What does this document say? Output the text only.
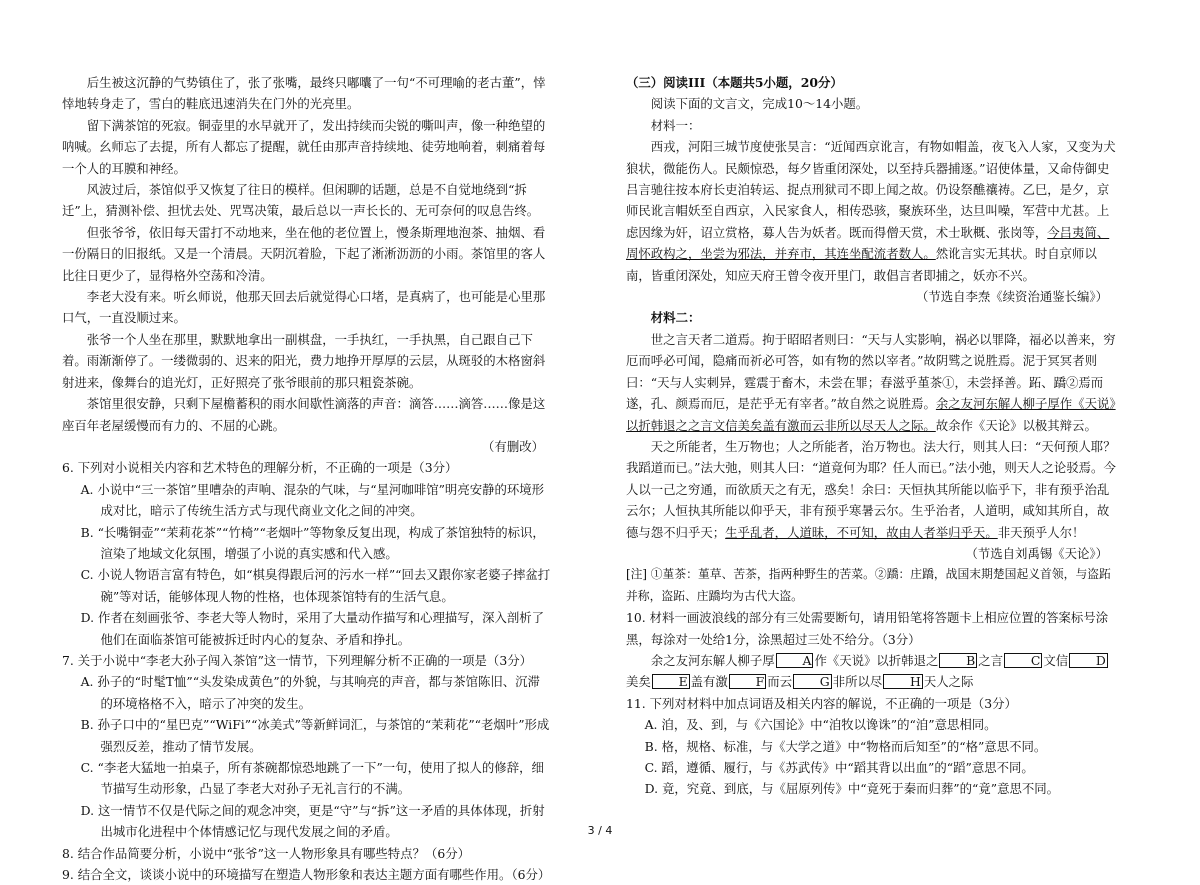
后生被这沉静的气势镇住了，张了张嘴，最终只嘟囔了一句“不可理喻的老古董”，悻悻地转身走了，雪白的鞋底迅速消失在门外的光亮里。

留下满茶馆的死寂。铜壶里的水早就开了，发出持续而尖锐的嘶叫声，像一种绝望的呐喊。幺师忘了去提，所有人都忘了提醒，就任由那声音持续地、徒劳地响着，刺痛着每一个人的耳膜和神经。

风波过后，茶馆似乎又恢复了往日的模样。但闲聊的话题，总是不自觉地绕到“拆迁”上，猜测补偿、担忧去处、咒骂决策，最后总以一声长长的、无可奈何的叹息告终。

但张爷爷，依旧每天雷打不动地来，坐在他的老位置上，慢条斯理地泡茶、抽烟、看一份隔日的旧报纸。又是一个清晨。天阴沉着脸，下起了淅淅沥沥的小雨。茶馆里的客人比往日更少了，显得格外空荡和冷清。

李老大没有来。听幺师说，他那天回去后就觉得心口堵，是真病了，也可能是心里那口气，一直没顺过来。

张爷一个人坐在那里，默默地拿出一副棋盘，一手执红，一手执黑，自己跟自己下着。雨渐渐停了。一缕微弱的、迟来的阳光，费力地挣开厚厚的云层，从斑驳的木格窗斜射进来，像舞台的追光灯，正好照亮了张爷眼前的那只粗瓷茶碗。

茶馆里很安静，只剩下屋檐蓄积的雨水间歇性滴落的声音：滴答……滴答……像是这座百年老屋缓慢而有力的、不屈的心跳。

（有删改）

6. 下列对小说相关内容和艺术特色的理解分析，不正确的一项是（3分）

A. 小说中“三一茶馆”里嘈杂的声响、混杂的气味，与“星河咖啡馆”明亮安静的环境形成对比，暗示了传统生活方式与现代商业文化之间的冲突。

B. “长嘴铜壶”“茉莉花茶”“竹椅”“老烟叶”等物象反复出现，构成了茶馆独特的标识，渲染了地域文化氛围，增强了小说的真实感和代入感。

C. 小说人物语言富有特色，如“棋臭得跟后河的污水一样”“回去又跟你家老婆子摔盆打碗”等对话，能够体现人物的性格，也体现茶馆特有的生活气息。

D. 作者在刻画张爷、李老大等人物时，采用了大量动作描写和心理描写，深入剖析了他们在面临茶馆可能被拆迁时内心的复杂、矛盾和挣扎。

7. 关于小说中“李老大孙子闯入茶馆”这一情节，下列理解分析不正确的一项是（3分）

A. 孙子的“时髦T恤”“头发染成黄色”的外貌，与其响亮的声音，都与茶馆陈旧、沉滞的环境格格不入，暗示了冲突的发生。

B. 孙子口中的“星巴克”“WiFi”“冰美式”等新鲜词汇，与茶馆的“茉莉花”“老烟叶”形成强烈反差，推动了情节发展。

C. “李老大猛地一拍桌子，所有茶碗都惊恐地跳了一下”一句，使用了拟人的修辞，细节描写生动形象，凸显了李老大对孙子无礼言行的不满。

D. 这一情节不仅是代际之间的观念冲突，更是“守”与“拆”这一矛盾的具体体现，折射出城市化进程中个体情感记忆与现代发展之间的矛盾。

8. 结合作品简要分析，小说中“张爷”这一人物形象具有哪些特点？（6分）

9. 结合全文，谈谈小说中的环境描写在塑造人物形象和表达主题方面有哪些作用。（6分）

（三）阅读III（本题共5小题，20分）

阅读下面的文言文，完成10～14小题。

材料一：

西戎，河阳三城节度使张昊言：“近闻西京讹言，有物如帽盖，夜飞入人家，又变为犬狼状，微能伤人。民颇惊恐，每夕皆重闭深处，以至持兵器捕逐。”诏使体量，又命侍御史吕言驰往按本府长吏洎转运、捉点刑狱司不即上闻之故。仍设祭醮禳祷。乙巳，是夕，京师民讹言帽妖至自西京，入民家食人，相传恐骇，聚族环坐，达旦叫噪，军营中尤甚。上虑因缘为奸，诏立赏格，募人告为妖者。既而得僧天赏，术士耿概、张岗等，今吕夷简、周怀政构之，坐尝为邪法，并弃市，其连坐配流者数人。然讹言实无其状。时自京师以南，皆重闭深处，知应天府王曾令夜开里门，敢倡言者即捕之，妖亦不兴。

（节选自李焘《续资治通鉴长编》）

材料二：

世之言天者二道焉。拘于昭昭者则曰：“天与人实影响，祸必以罪降，福必以善来，穷厄而呼必可闻，隐痛而祈必可答，如有物的然以宰者。”故阴骘之说胜焉。泥于冥冥者则曰：“天与人实刺异，霆震于畜木，未尝在罪；春滋乎堇茶①，未尝择善。跖、蹻②焉而遂，孔、颜焉而厄，是茫乎无有宰者。”故自然之说胜焉。余之友河东解人柳子厚作《天说》以折韩退之之言文信美矣盖有激而云非所以尽天人之际。故余作《天论》以极其辩云。

天之所能者，生万物也；人之所能者，治万物也。法大行，则其人曰：“天何预人耶？我蹈道而已。”法大弛，则其人曰：“道竟何为耶？任人而已。”法小弛，则天人之论驳焉。今人以一己之穷通，而欲质天之有无，惑矣！余曰：天恒执其所能以临乎下，非有预乎治乱云尔；人恒执其所能以仰乎天，非有预乎寒暑云尔。生乎治者，人道明，咸知其所自，故德与怨不归乎天；生乎乱者，人道昧，不可知，故由人者举归乎天。非天预乎人尔！

（节选自刘禹锡《天论》）

[注] ①堇茶：堇草、苦茶，指两种野生的苦菜。②蹻：庄蹻，战国末期楚国起义首领，与盗跖并称，盗跖、庄蹻均为古代大盗。

10. 材料一画波浪线的部分有三处需要断句，请用铅笔将答题卡上相应位置的答案标号涂黑，每涂对一处给1分，涂黑超过三处不给分。（3分）

余之友河东解人柳子厚 A 作《天说》以折韩退之 B 之言 C 文信 D美矣 E 盖有激 F 而云 G 非所以尽 H 天人之际

11. 下列对材料中加点词语及相关内容的解说，不正确的一项是（3分）

A. 洎，及、到，与《六国论》中“洎牧以谗诛”的“洎”意思相同。

B. 格，规格、标准，与《大学之道》中“物格而后知至”的“格”意思不同。

C. 蹈，遵循、履行，与《苏武传》中“蹈其背以出血”的“蹈”意思不同。

D. 竟，究竟、到底，与《屈原列传》中“竟死于秦而归葬”的“竟”意思不同。

3 / 4
